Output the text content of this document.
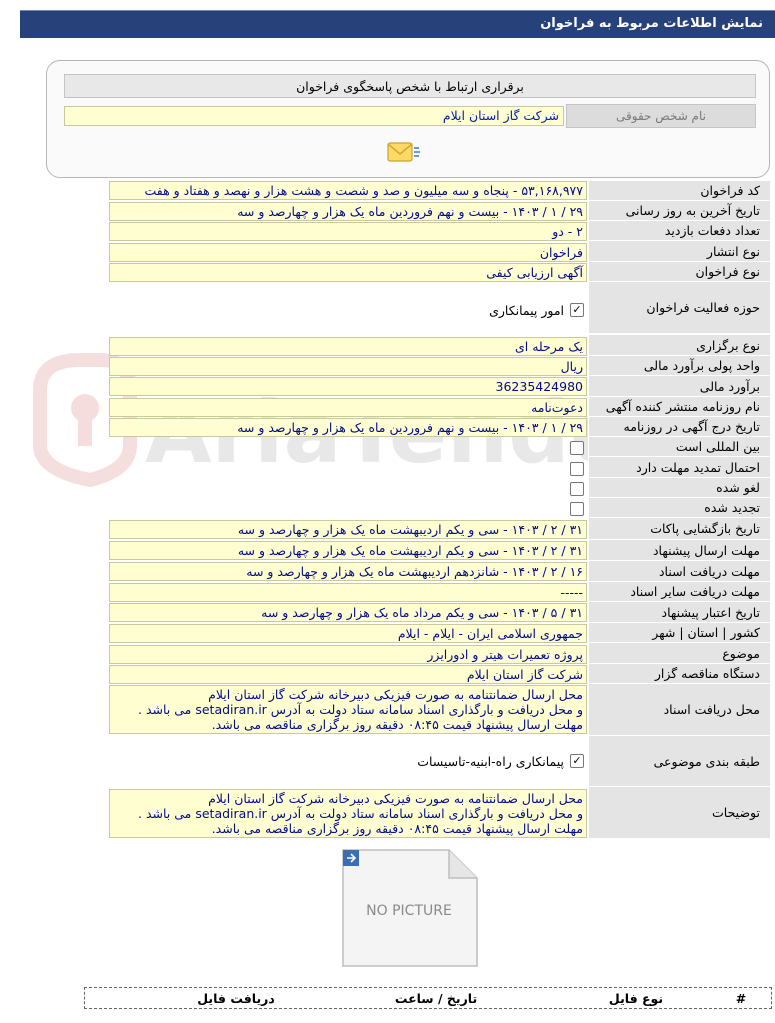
نمایش اطلاعات مربوط به فراخوان
برقراری ارتباط با شخص پاسخگوی فراخوان
نام شخص حقوقی
شرکت گاز استان ایلام
کد فراخوان
۵۳,۱۶۸,۹۷۷ - پنجاه و سه میلیون و صد و شصت و هشت هزار و نهصد و هفتاد و هفت
تاریخ آخرین به روز رسانی
۲۹ / ۱ / ۱۴۰۳ - بیست و نهم فروردین ماه یک هزار و چهارصد و سه
تعداد دفعات بازدید
۲ - دو
نوع انتشار
فراخوان
نوع فراخوان
آگهی ارزیابی کیفی
حوزه فعالیت فراخوان
✓
امور پیمانکاری
نوع برگزاری
یک مرحله ای
واحد پولی برآورد مالی
ریال
برآورد مالی
36235424980
نام روزنامه منتشر کننده آگهی
دعوت‌نامه
تاریخ درج آگهی در روزنامه
۲۹ / ۱ / ۱۴۰۳ - بیست و نهم فروردین ماه یک هزار و چهارصد و سه
بین المللی است
احتمال تمدید مهلت دارد
لغو شده
تجدید شده
تاریخ بازگشایی پاکات
۳۱ / ۲ / ۱۴۰۳ - سی و یکم اردیبهشت ماه یک هزار و چهارصد و سه
مهلت ارسال پیشنهاد
۳۱ / ۲ / ۱۴۰۳ - سی و یکم اردیبهشت ماه یک هزار و چهارصد و سه
مهلت دریافت اسناد
۱۶ / ۲ / ۱۴۰۳ - شانزدهم اردیبهشت ماه یک هزار و چهارصد و سه
مهلت دریافت سایر اسناد
-----
تاریخ اعتبار پیشنهاد
۳۱ / ۵ / ۱۴۰۳ - سی و یکم مرداد ماه یک هزار و چهارصد و سه
کشور | استان | شهر
جمهوری اسلامی ایران - ایلام - ایلام
موضوع
پروژه تعمیرات هیتر و ادورایزر
دستگاه مناقصه گزار
شرکت گاز استان ایلام
محل دریافت اسناد
محل ارسال ضمانتنامه به صورت فیزیکی دبیرخانه شرکت گاز استان ایلام
و محل دریافت و بارگذاری اسناد سامانه ستاد دولت به آدرس setadiran.ir می باشد .
مهلت ارسال پیشنهاد قیمت ۰۸:۴۵ دقیقه روز برگزاری مناقصه می باشد.
طبقه بندی موضوعی
✓
پیمانکاری راه-ابنیه-تاسیسات
توضیحات
محل ارسال ضمانتنامه به صورت فیزیکی دبیرخانه شرکت گاز استان ایلام
و محل دریافت و بارگذاری اسناد سامانه ستاد دولت به آدرس setadiran.ir می باشد .
مهلت ارسال پیشنهاد قیمت ۰۸:۴۵ دقیقه روز برگزاری مناقصه می باشد.
NO PICTURE
#
نوع فایل
تاریخ / ساعت
دریافت فایل
